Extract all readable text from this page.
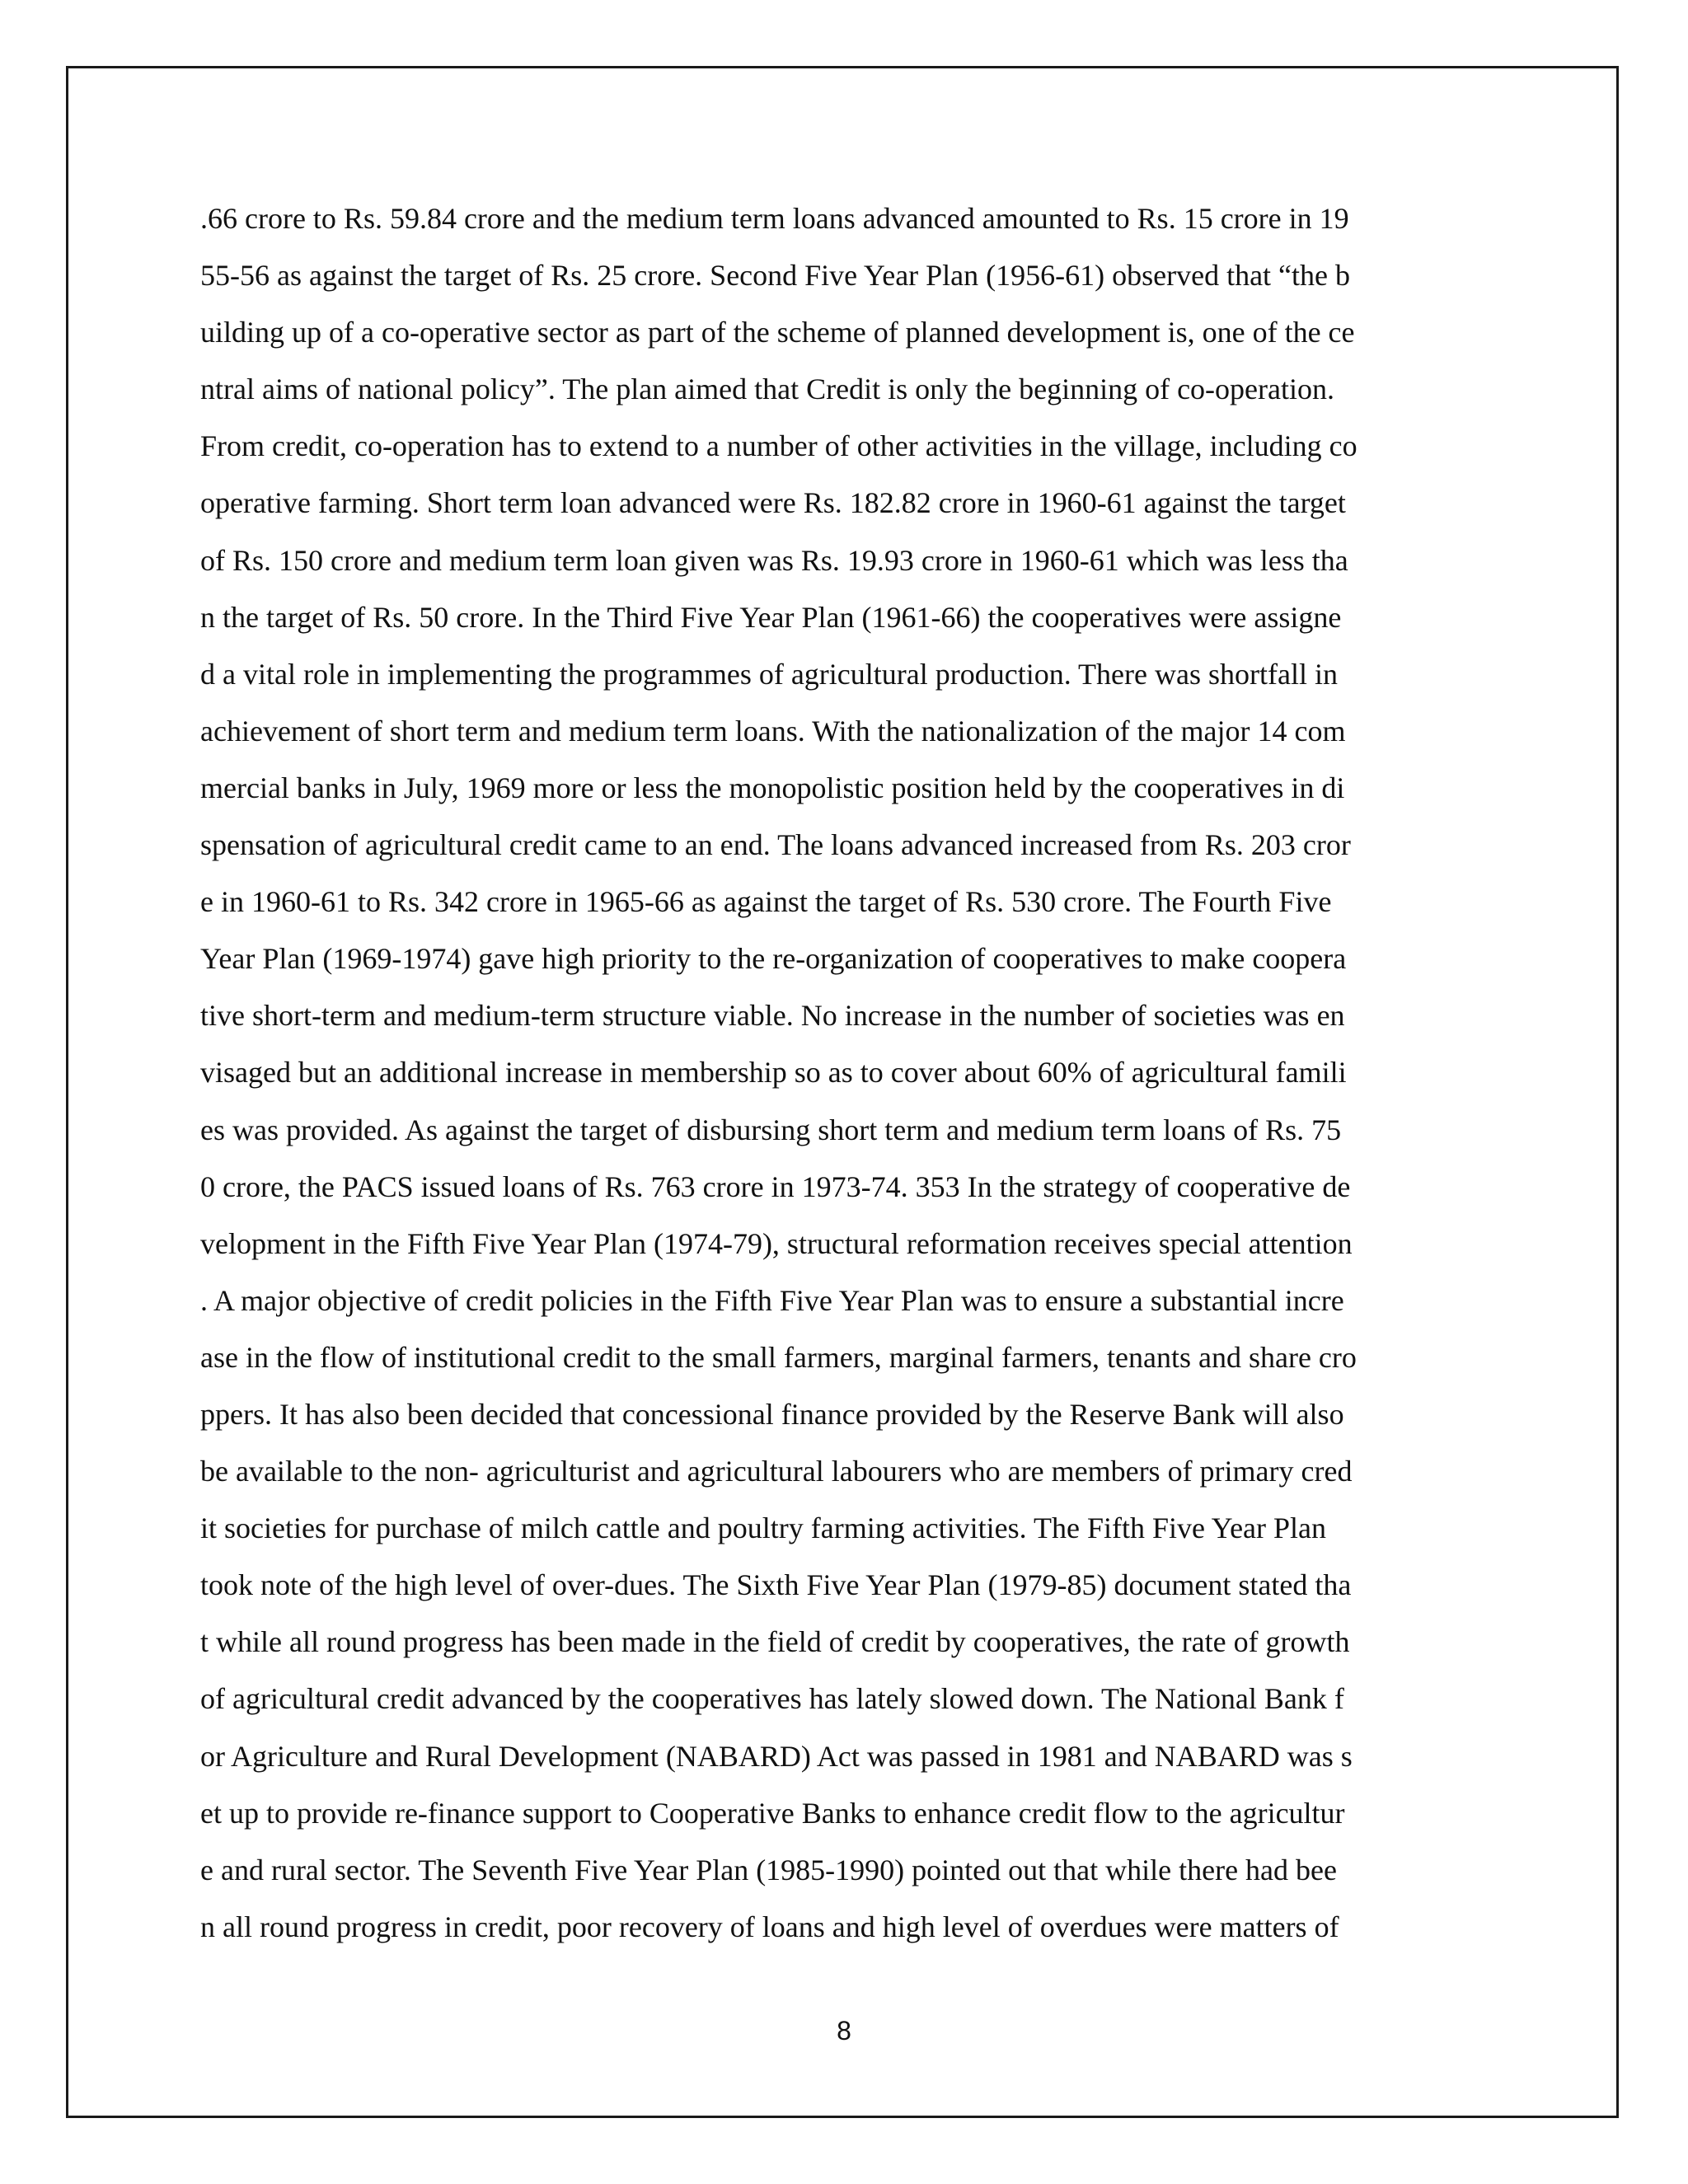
.66 crore to Rs. 59.84 crore and the medium term loans advanced amounted to Rs. 15 crore in 19
55-56 as against the target of Rs. 25 crore. Second Five Year Plan (1956-61) observed that “the b
uilding up of a co-operative sector as part of the scheme of planned development is, one of the ce
ntral aims of national policy”. The plan aimed that Credit is only the beginning of co-operation.
From credit, co-operation has to extend to a number of other activities in the village, including co
operative farming. Short term loan advanced were Rs. 182.82 crore in 1960-61 against the target
of Rs. 150 crore and medium term loan given was Rs. 19.93 crore in 1960-61 which was less tha
n the target of Rs. 50 crore. In the Third Five Year Plan (1961-66) the cooperatives were assigne
d a vital role in implementing the programmes of agricultural production. There was shortfall in
achievement of short term and medium term loans. With the nationalization of the major 14 com
mercial banks in July, 1969 more or less the monopolistic position held by the cooperatives in di
spensation of agricultural credit came to an end. The loans advanced increased from Rs. 203 cror
e in 1960-61 to Rs. 342 crore in 1965-66 as against the target of Rs. 530 crore. The Fourth Five
Year Plan (1969-1974) gave high priority to the re-organization of cooperatives to make coopera
tive short-term and medium-term structure viable. No increase in the number of societies was en
visaged but an additional increase in membership so as to cover about 60% of agricultural famili
es was provided. As against the target of disbursing short term and medium term loans of Rs. 75
0 crore, the PACS issued loans of Rs. 763 crore in 1973-74. 353 In the strategy of cooperative de
velopment in the Fifth Five Year Plan (1974-79), structural reformation receives special attention
. A major objective of credit policies in the Fifth Five Year Plan was to ensure a substantial incre
ase in the flow of institutional credit to the small farmers, marginal farmers, tenants and share cro
ppers. It has also been decided that concessional finance provided by the Reserve Bank will also
be available to the non- agriculturist and agricultural labourers who are members of primary cred
it societies for purchase of milch cattle and poultry farming activities. The Fifth Five Year Plan
took note of the high level of over-dues. The Sixth Five Year Plan (1979-85) document stated tha
t while all round progress has been made in the field of credit by cooperatives, the rate of growth
of agricultural credit advanced by the cooperatives has lately slowed down. The National Bank f
or Agriculture and Rural Development (NABARD) Act was passed in 1981 and NABARD was s
et up to provide re-finance support to Cooperative Banks to enhance credit flow to the agricultur
e and rural sector. The Seventh Five Year Plan (1985-1990) pointed out that while there had bee
n all round progress in credit, poor recovery of loans and high level of overdues were matters of
8
